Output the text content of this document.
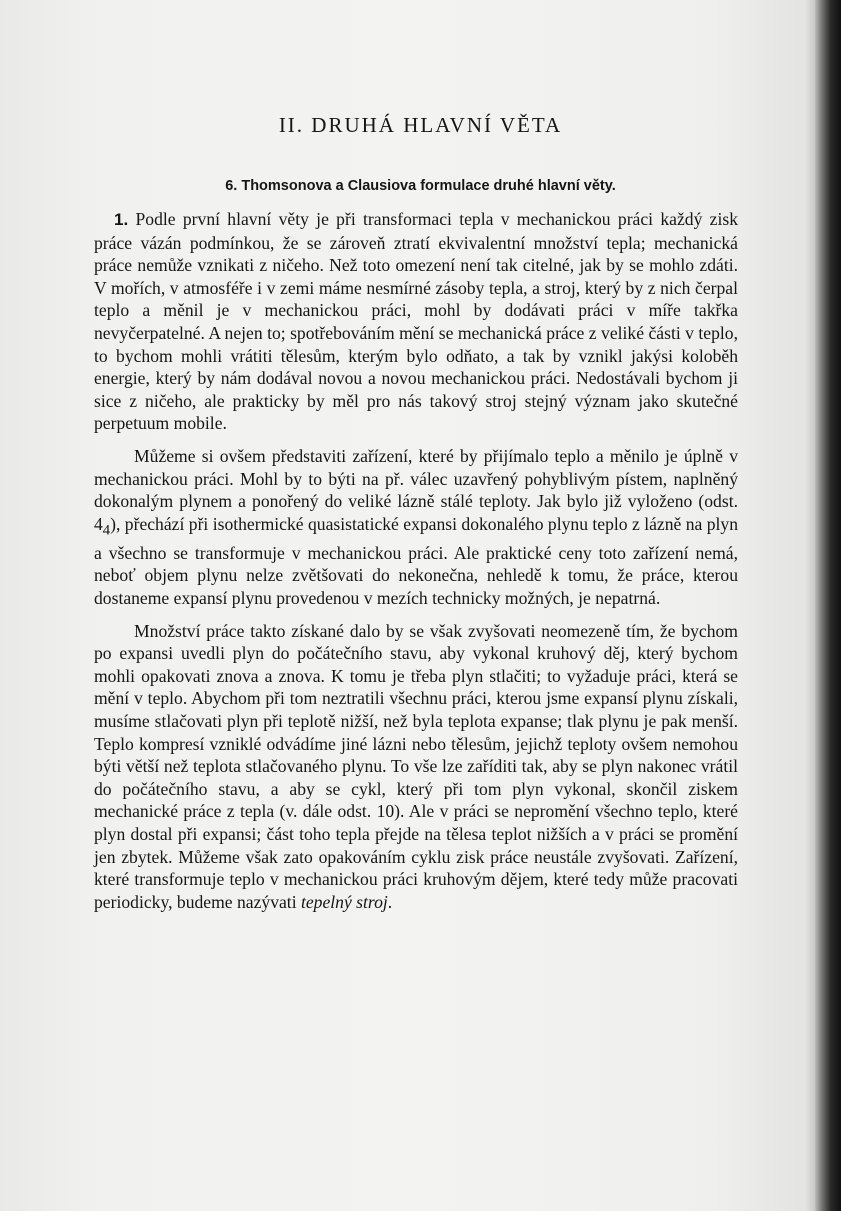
II. DRUHÁ HLAVNÍ VĚTA
6. Thomsonova a Clausiova formulace druhé hlavní věty.

1. Podle první hlavní věty je při transformaci tepla v mechanickou práci každý zisk práce vázán podmínkou, že se zároveň ztratí ekvivalentní množství tepla; mechanická práce nemůže vznikati z ničeho. Než toto omezení není tak citelné, jak by se mohlo zdáti. V mořích, v atmosféře i v zemi máme nesmírné zásoby tepla, a stroj, který by z nich čerpal teplo a měnil je v mechanickou práci, mohl by dodávati práci v míře takřka nevyčerpatelné. A nejen to; spotřebováním mění se mechanická práce z veliké části v teplo, to bychom mohli vrátiti tělesům, kterým bylo odňato, a tak by vznikl jakýsi koloběh energie, který by nám dodával novou a novou mechanickou práci. Nedostávali bychom ji sice z ničeho, ale prakticky by měl pro nás takový stroj stejný význam jako skutečné perpetuum mobile.

Můžeme si ovšem představiti zařízení, které by přijímalo teplo a měnilo je úplně v mechanickou práci. Mohl by to býti na př. válec uzavřený pohyblivým pístem, naplněný dokonalým plynem a ponořený do veliké lázně stálé teploty. Jak bylo již vyloženo (odst. $4_4$), přechází při isothermické quasistatické expansi dokonalého plynu teplo z lázně na plyn a všechno se transformuje v mechanickou práci. Ale praktické ceny toto zařízení nemá, neboť objem plynu nelze zvětšovati do nekonečna, nehledě k tomu, že práce, kterou dostaneme expansí plynu provedenou v mezích technicky možných, je nepatrná.

Množství práce takto získané dalo by se však zvyšovati neomezeně tím, že bychom po expansi uvedli plyn do počátečního stavu, aby vykonal kruhový děj, který bychom mohli opakovati znova a znova. K tomu je třeba plyn stlačiti; to vyžaduje práci, která se mění v teplo. Abychom při tom neztratili všechnu práci, kterou jsme expansí plynu získali, musíme stlačovati plyn při teplotě nižší, než byla teplota expanse; tlak plynu je pak menší. Teplo kompresí vzniklé odvádíme jiné lázni nebo tělesům, jejichž teploty ovšem nemohou býti větší než teplota stlačovaného plynu. To vše lze zaříditi tak, aby se plyn nakonec vrátil do počátečního stavu, a aby se cykl, který při tom plyn vykonal, skončil ziskem mechanické práce z tepla (v. dále odst. 10). Ale v práci se nepromění všechno teplo, které plyn dostal při expansi; část toho tepla přejde na tělesa teplot nižších a v práci se promění jen zbytek. Můžeme však zato opakováním cyklu zisk práce neustále zvyšovati. Zařízení, které transformuje teplo v mechanickou práci kruhovým dějem, které tedy může pracovati periodicky, budeme nazývati tepelný stroj.
